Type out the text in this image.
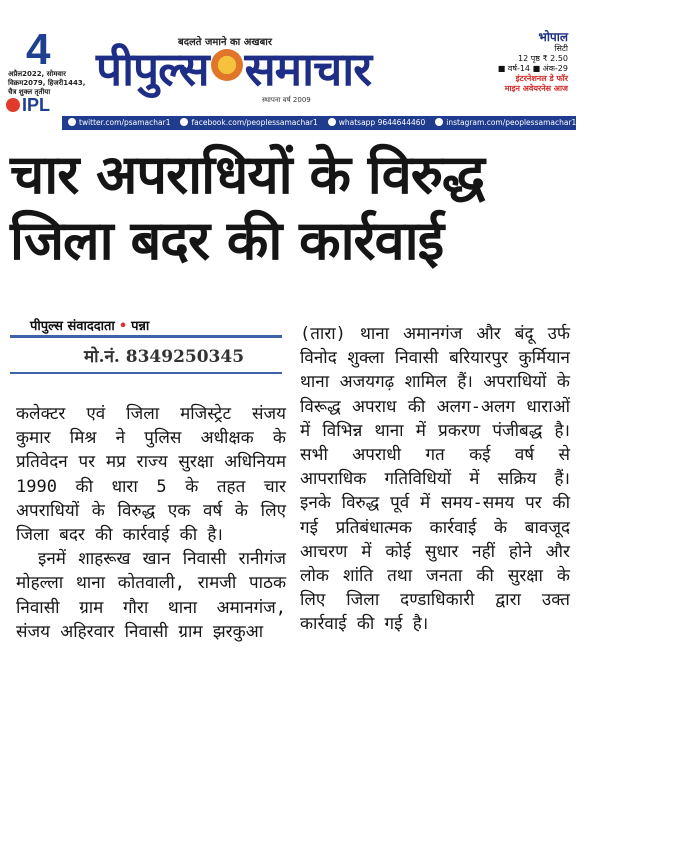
4
अप्रैल2022, सोमवार
विक्रम2079, हिजरी1443,
चैत्र शुक्ल तृतीया
IPL
बदलते जमाने का अखबार
पीपुल्स समाचार
स्थापना वर्ष 2009
भोपाल
सिटी
12 पृष्ठ ₹ 2.50
■ वर्ष-14 ■ अंक-29
इंटरनेशनल डे फॉर
माइन अवेयरनेस आज
twitter.com/psamachar1	facebook.com/peoplessamachar1	whatsapp 9644644460	instagram.com/peoplessamachar1	www.peoplessamachar.in
चार अपराधियों के विरुद्ध
जिला बदर की कार्रवाई
पीपुल्स संवाददाता • पन्ना
मो.नं. 8349250345

कलेक्टर एवं जिला मजिस्ट्रेट संजय कुमार मिश्र ने पुलिस अधीक्षक के प्रतिवेदन पर मप्र राज्य सुरक्षा अधिनियम 1990 की धारा 5 के तहत चार अपराधियों के विरुद्ध एक वर्ष के लिए जिला बदर की कार्रवाई की है।

इनमें शाहरूख खान निवासी रानीगंज मोहल्ला थाना कोतवाली, रामजी पाठक निवासी ग्राम गौरा थाना अमानगंज, संजय अहिरवार निवासी ग्राम झरकुआ

(तारा) थाना अमानगंज और बंदू उर्फ विनोद शुक्ला निवासी बरियारपुर कुर्मियान थाना अजयगढ़ शामिल हैं। अपराधियों के विरूद्ध अपराध की अलग-अलग धाराओं में विभिन्न थाना में प्रकरण पंजीबद्ध है। सभी अपराधी गत कई वर्ष से आपराधिक गतिविधियों में सक्रिय हैं। इनके विरुद्ध पूर्व में समय-समय पर की गई प्रतिबंधात्मक कार्रवाई के बावजूद आचरण में कोई सुधार नहीं होने और लोक शांति तथा जनता की सुरक्षा के लिए जिला दण्डाधिकारी द्वारा उक्त कार्रवाई की गई है।
